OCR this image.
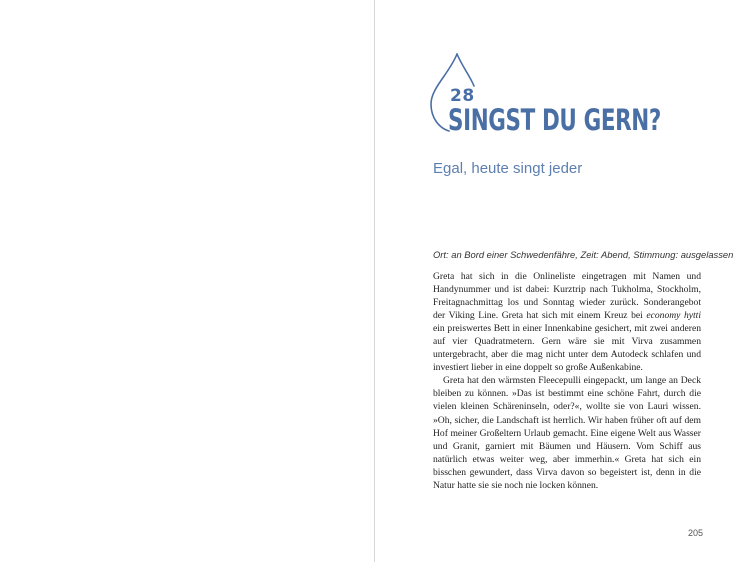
28
SINGST DU GERN?
Egal, heute singt jeder
Ort: an Bord einer Schwedenfähre, Zeit: Abend, Stimmung: ausgelassen

Greta hat sich in die Onlineliste eingetragen mit Namen und Handynummer und ist dabei: Kurztrip nach Tukholma, Stockholm, Freitagnachmittag los und Sonntag wieder zurück. Sonderangebot der Viking Line. Greta hat sich mit einem Kreuz bei economy hytti ein preiswertes Bett in einer Innenkabine gesichert, mit zwei anderen auf vier Quadratmetern. Gern wäre sie mit Virva zusammen untergebracht, aber die mag nicht unter dem Autodeck schlafen und investiert lieber in eine doppelt so große Außenkabine.

Greta hat den wärmsten Fleecepulli eingepackt, um lange an Deck bleiben zu können. »Das ist bestimmt eine schöne Fahrt, durch die vielen kleinen Schäreninseln, oder?«, wollte sie von Lauri wissen. »Oh, sicher, die Landschaft ist herrlich. Wir haben früher oft auf dem Hof meiner Großeltern Urlaub gemacht. Eine eigene Welt aus Wasser und Granit, garniert mit Bäumen und Häusern. Vom Schiff aus natürlich etwas weiter weg, aber immerhin.« Greta hat sich ein bisschen gewundert, dass Virva davon so begeistert ist, denn in die Natur hatte sie sie noch nie locken können.

205
